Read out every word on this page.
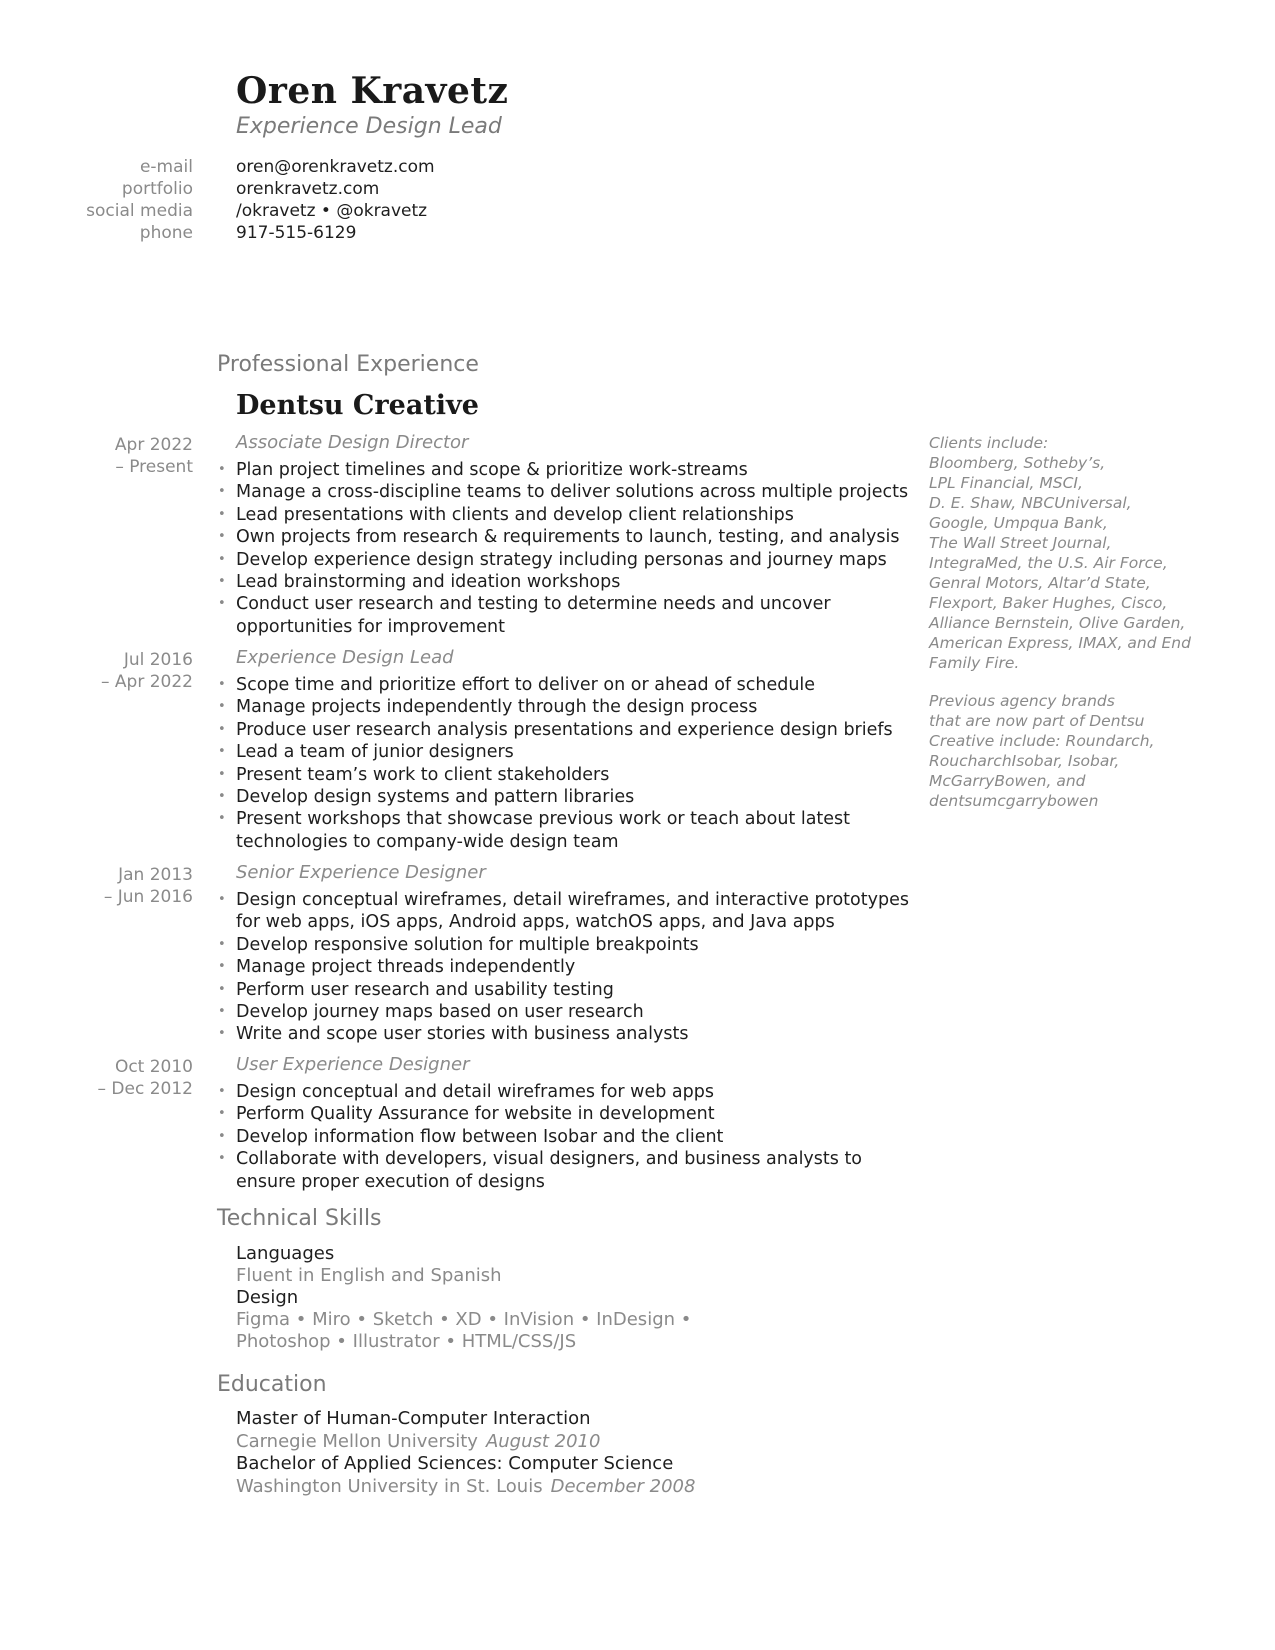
Oren Kravetz
Experience Design Lead
e-mail	oren@orenkravetz.com
portfolio	orenkravetz.com
social media	/okravetz • @okravetz
phone	917-515-6129
Professional Experience
Dentsu Creative
Apr 2022
– Present
Associate Design Director
• Plan project timelines and scope & prioritize work-streams
• Manage a cross-discipline teams to deliver solutions across multiple projects
• Lead presentations with clients and develop client relationships
• Own projects from research & requirements to launch, testing, and analysis
• Develop experience design strategy including personas and journey maps
• Lead brainstorming and ideation workshops
• Conduct user research and testing to determine needs and uncover opportunities for improvement
Jul 2016
– Apr 2022
Experience Design Lead
• Scope time and prioritize effort to deliver on or ahead of schedule
• Manage projects independently through the design process
• Produce user research analysis presentations and experience design briefs
• Lead a team of junior designers
• Present team’s work to client stakeholders
• Develop design systems and pattern libraries
• Present workshops that showcase previous work or teach about latest technologies to company-wide design team
Jan 2013
– Jun 2016
Senior Experience Designer
• Design conceptual wireframes, detail wireframes, and interactive prototypes for web apps, iOS apps, Android apps, watchOS apps, and Java apps
• Develop responsive solution for multiple breakpoints
• Manage project threads independently
• Perform user research and usability testing
• Develop journey maps based on user research
• Write and scope user stories with business analysts
Oct 2010
– Dec 2012
User Experience Designer
• Design conceptual and detail wireframes for web apps
• Perform Quality Assurance for website in development
• Develop information flow between Isobar and the client
• Collaborate with developers, visual designers, and business analysts to ensure proper execution of designs
Clients include:
Bloomberg, Sotheby’s,
LPL Financial, MSCI,
D. E. Shaw, NBCUniversal,
Google, Umpqua Bank,
The Wall Street Journal,
IntegraMed, the U.S. Air Force,
Genral Motors, Altar’d State,
Flexport, Baker Hughes, Cisco,
Alliance Bernstein, Olive Garden,
American Express, IMAX, and End
Family Fire.
Previous agency brands
that are now part of Dentsu
Creative include: Roundarch,
RoucharchIsobar, Isobar,
McGarryBowen, and
dentsumcgarrybowen
Technical Skills
Languages
Fluent in English and Spanish
Design
Figma • Miro • Sketch • XD • InVision • InDesign •
Photoshop • Illustrator • HTML/CSS/JS
Education
Master of Human-Computer Interaction
Carnegie Mellon University August 2010
Bachelor of Applied Sciences: Computer Science
Washington University in St. Louis December 2008
